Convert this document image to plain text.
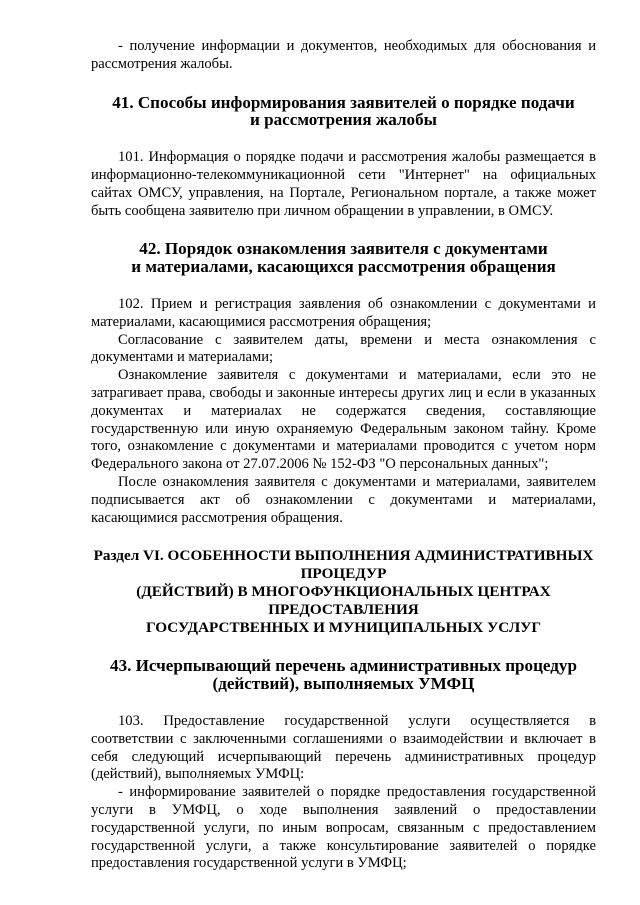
- получение информации и документов, необходимых для обоснования и рассмотрения жалобы.

41. Способы информирования заявителей о порядке подачи
и рассмотрения жалобы

101. Информация о порядке подачи и рассмотрения жалобы размещается в информационно-телекоммуникационной сети "Интернет" на официальных сайтах ОМСУ, управления, на Портале, Региональном портале, а также может быть сообщена заявителю при личном обращении в управлении, в ОМСУ.

42. Порядок ознакомления заявителя с документами
и материалами, касающихся рассмотрения обращения

102. Прием и регистрация заявления об ознакомлении с документами и материалами, касающимися рассмотрения обращения;

Согласование с заявителем даты, времени и места ознакомления с документами и материалами;

Ознакомление заявителя с документами и материалами, если это не затрагивает права, свободы и законные интересы других лиц и если в указанных документах и материалах не содержатся сведения, составляющие государственную или иную охраняемую Федеральным законом тайну. Кроме того, ознакомление с документами и материалами проводится с учетом норм Федерального закона от 27.07.2006 № 152-ФЗ "О персональных данных";

После ознакомления заявителя с документами и материалами, заявителем подписывается акт об ознакомлении с документами и материалами, касающимися рассмотрения обращения.

Раздел VI. ОСОБЕННОСТИ ВЫПОЛНЕНИЯ АДМИНИСТРАТИВНЫХ
ПРОЦЕДУР
(ДЕЙСТВИЙ) В МНОГОФУНКЦИОНАЛЬНЫХ ЦЕНТРАХ
ПРЕДОСТАВЛЕНИЯ
ГОСУДАРСТВЕННЫХ И МУНИЦИПАЛЬНЫХ УСЛУГ
43. Исчерпывающий перечень административных процедур
(действий), выполняемых УМФЦ

103. Предоставление государственной услуги осуществляется в соответствии с заключенными соглашениями о взаимодействии и включает в себя следующий исчерпывающий перечень административных процедур (действий), выполняемых УМФЦ:

- информирование заявителей о порядке предоставления государственной услуги в УМФЦ, о ходе выполнения заявлений о предоставлении государственной услуги, по иным вопросам, связанным с предоставлением государственной услуги, а также консультирование заявителей о порядке предоставления государственной услуги в УМФЦ;
